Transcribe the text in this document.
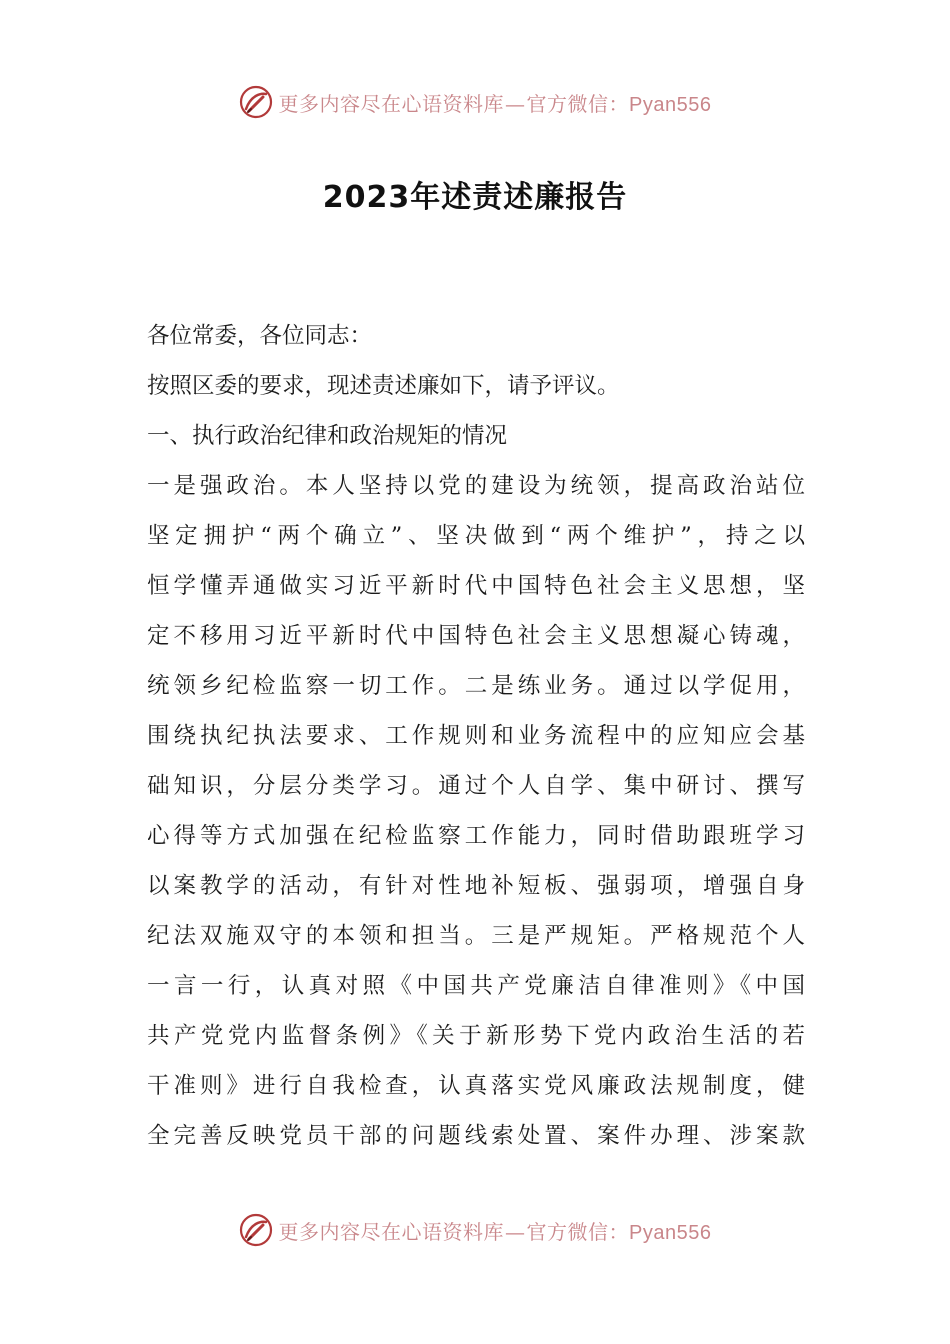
更多内容尽在心语资料库—官方微信：Pyan556
2023年述责述廉报告
各位常委，各位同志：
按照区委的要求，现述责述廉如下，请予评议。
一、执行政治纪律和政治规矩的情况
一是强政治。本人坚持以党的建设为统领，提高政治站位
坚定拥护“两个确立”、坚决做到“两个维护”，持之以
恒学懂弄通做实习近平新时代中国特色社会主义思想，坚
定不移用习近平新时代中国特色社会主义思想凝心铸魂，
统领乡纪检监察一切工作。二是练业务。通过以学促用，
围绕执纪执法要求、工作规则和业务流程中的应知应会基
础知识，分层分类学习。通过个人自学、集中研讨、撰写
心得等方式加强在纪检监察工作能力，同时借助跟班学习
以案教学的活动，有针对性地补短板、强弱项，增强自身
纪法双施双守的本领和担当。三是严规矩。严格规范个人
一言一行，认真对照《中国共产党廉洁自律准则》《中国
共产党党内监督条例》《关于新形势下党内政治生活的若
干准则》进行自我检查，认真落实党风廉政法规制度，健
全完善反映党员干部的问题线索处置、案件办理、涉案款
更多内容尽在心语资料库—官方微信：Pyan556
